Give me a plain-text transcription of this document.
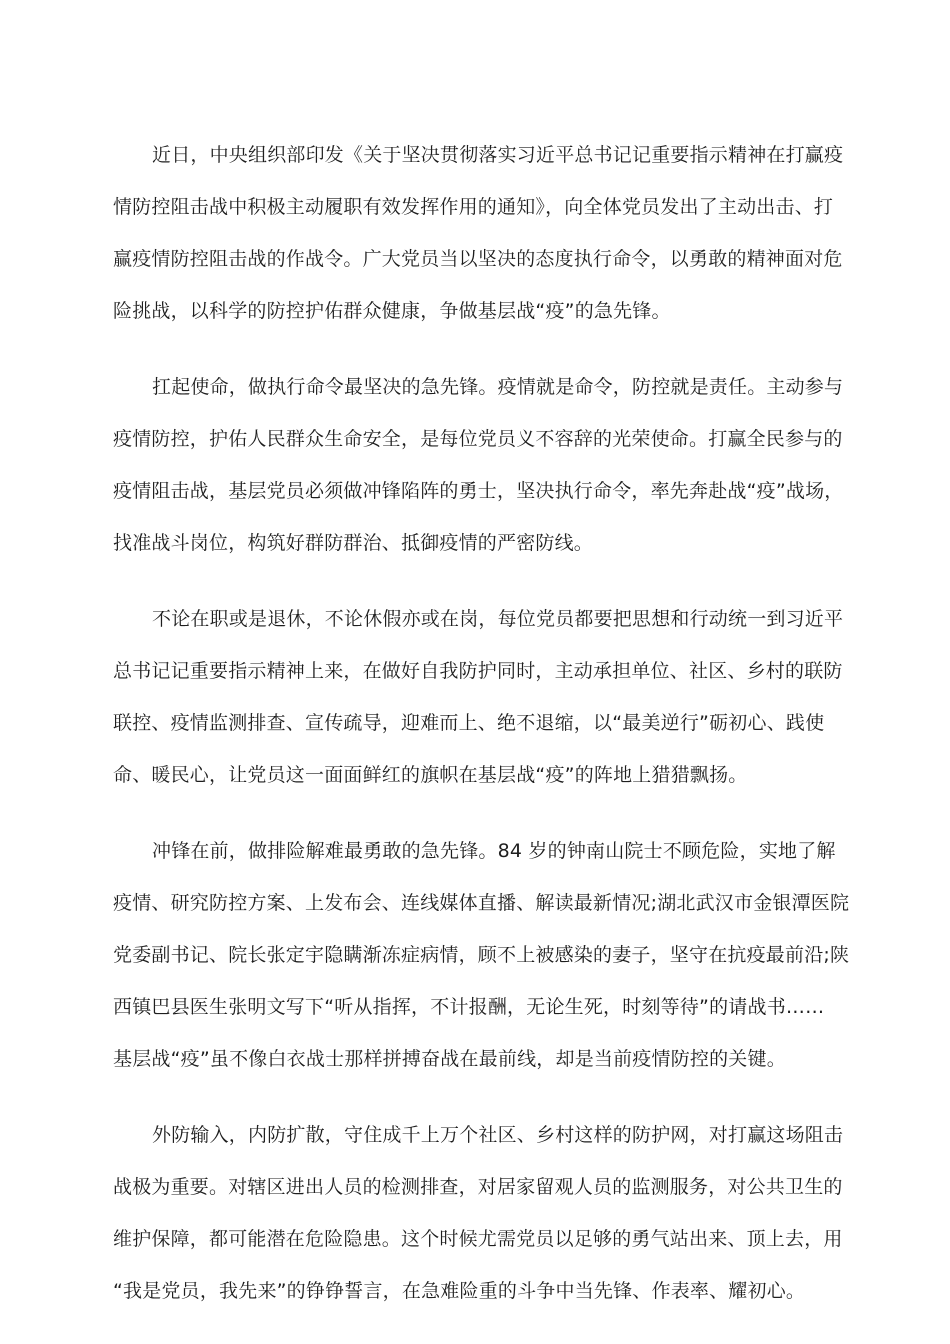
近日，中央组织部印发《关于坚决贯彻落实习近平总书记记重要指示精神在打赢疫
情防控阻击战中积极主动履职有效发挥作用的通知》，向全体党员发出了主动出击、打
赢疫情防控阻击战的作战令。广大党员当以坚决的态度执行命令，以勇敢的精神面对危
险挑战，以科学的防控护佑群众健康，争做基层战“疫”的急先锋。
扛起使命，做执行命令最坚决的急先锋。疫情就是命令，防控就是责任。主动参与
疫情防控，护佑人民群众生命安全，是每位党员义不容辞的光荣使命。打赢全民参与的
疫情阻击战，基层党员必须做冲锋陷阵的勇士，坚决执行命令，率先奔赴战“疫”战场，
找准战斗岗位，构筑好群防群治、抵御疫情的严密防线。
不论在职或是退休，不论休假亦或在岗，每位党员都要把思想和行动统一到习近平
总书记记重要指示精神上来，在做好自我防护同时，主动承担单位、社区、乡村的联防
联控、疫情监测排查、宣传疏导，迎难而上、绝不退缩，以“最美逆行”砺初心、践使
命、暖民心，让党员这一面面鲜红的旗帜在基层战“疫”的阵地上猎猎飘扬。
冲锋在前，做排险解难最勇敢的急先锋。84 岁的钟南山院士不顾危险，实地了解
疫情、研究防控方案、上发布会、连线媒体直播、解读最新情况;湖北武汉市金银潭医院
党委副书记、院长张定宇隐瞒渐冻症病情，顾不上被感染的妻子，坚守在抗疫最前沿;陕
西镇巴县医生张明文写下“听从指挥，不计报酬，无论生死，时刻等待”的请战书……
基层战“疫”虽不像白衣战士那样拼搏奋战在最前线，却是当前疫情防控的关键。
外防输入，内防扩散，守住成千上万个社区、乡村这样的防护网，对打赢这场阻击
战极为重要。对辖区进出人员的检测排查，对居家留观人员的监测服务，对公共卫生的
维护保障，都可能潜在危险隐患。这个时候尤需党员以足够的勇气站出来、顶上去，用
“我是党员，我先来”的铮铮誓言，在急难险重的斗争中当先锋、作表率、耀初心。
